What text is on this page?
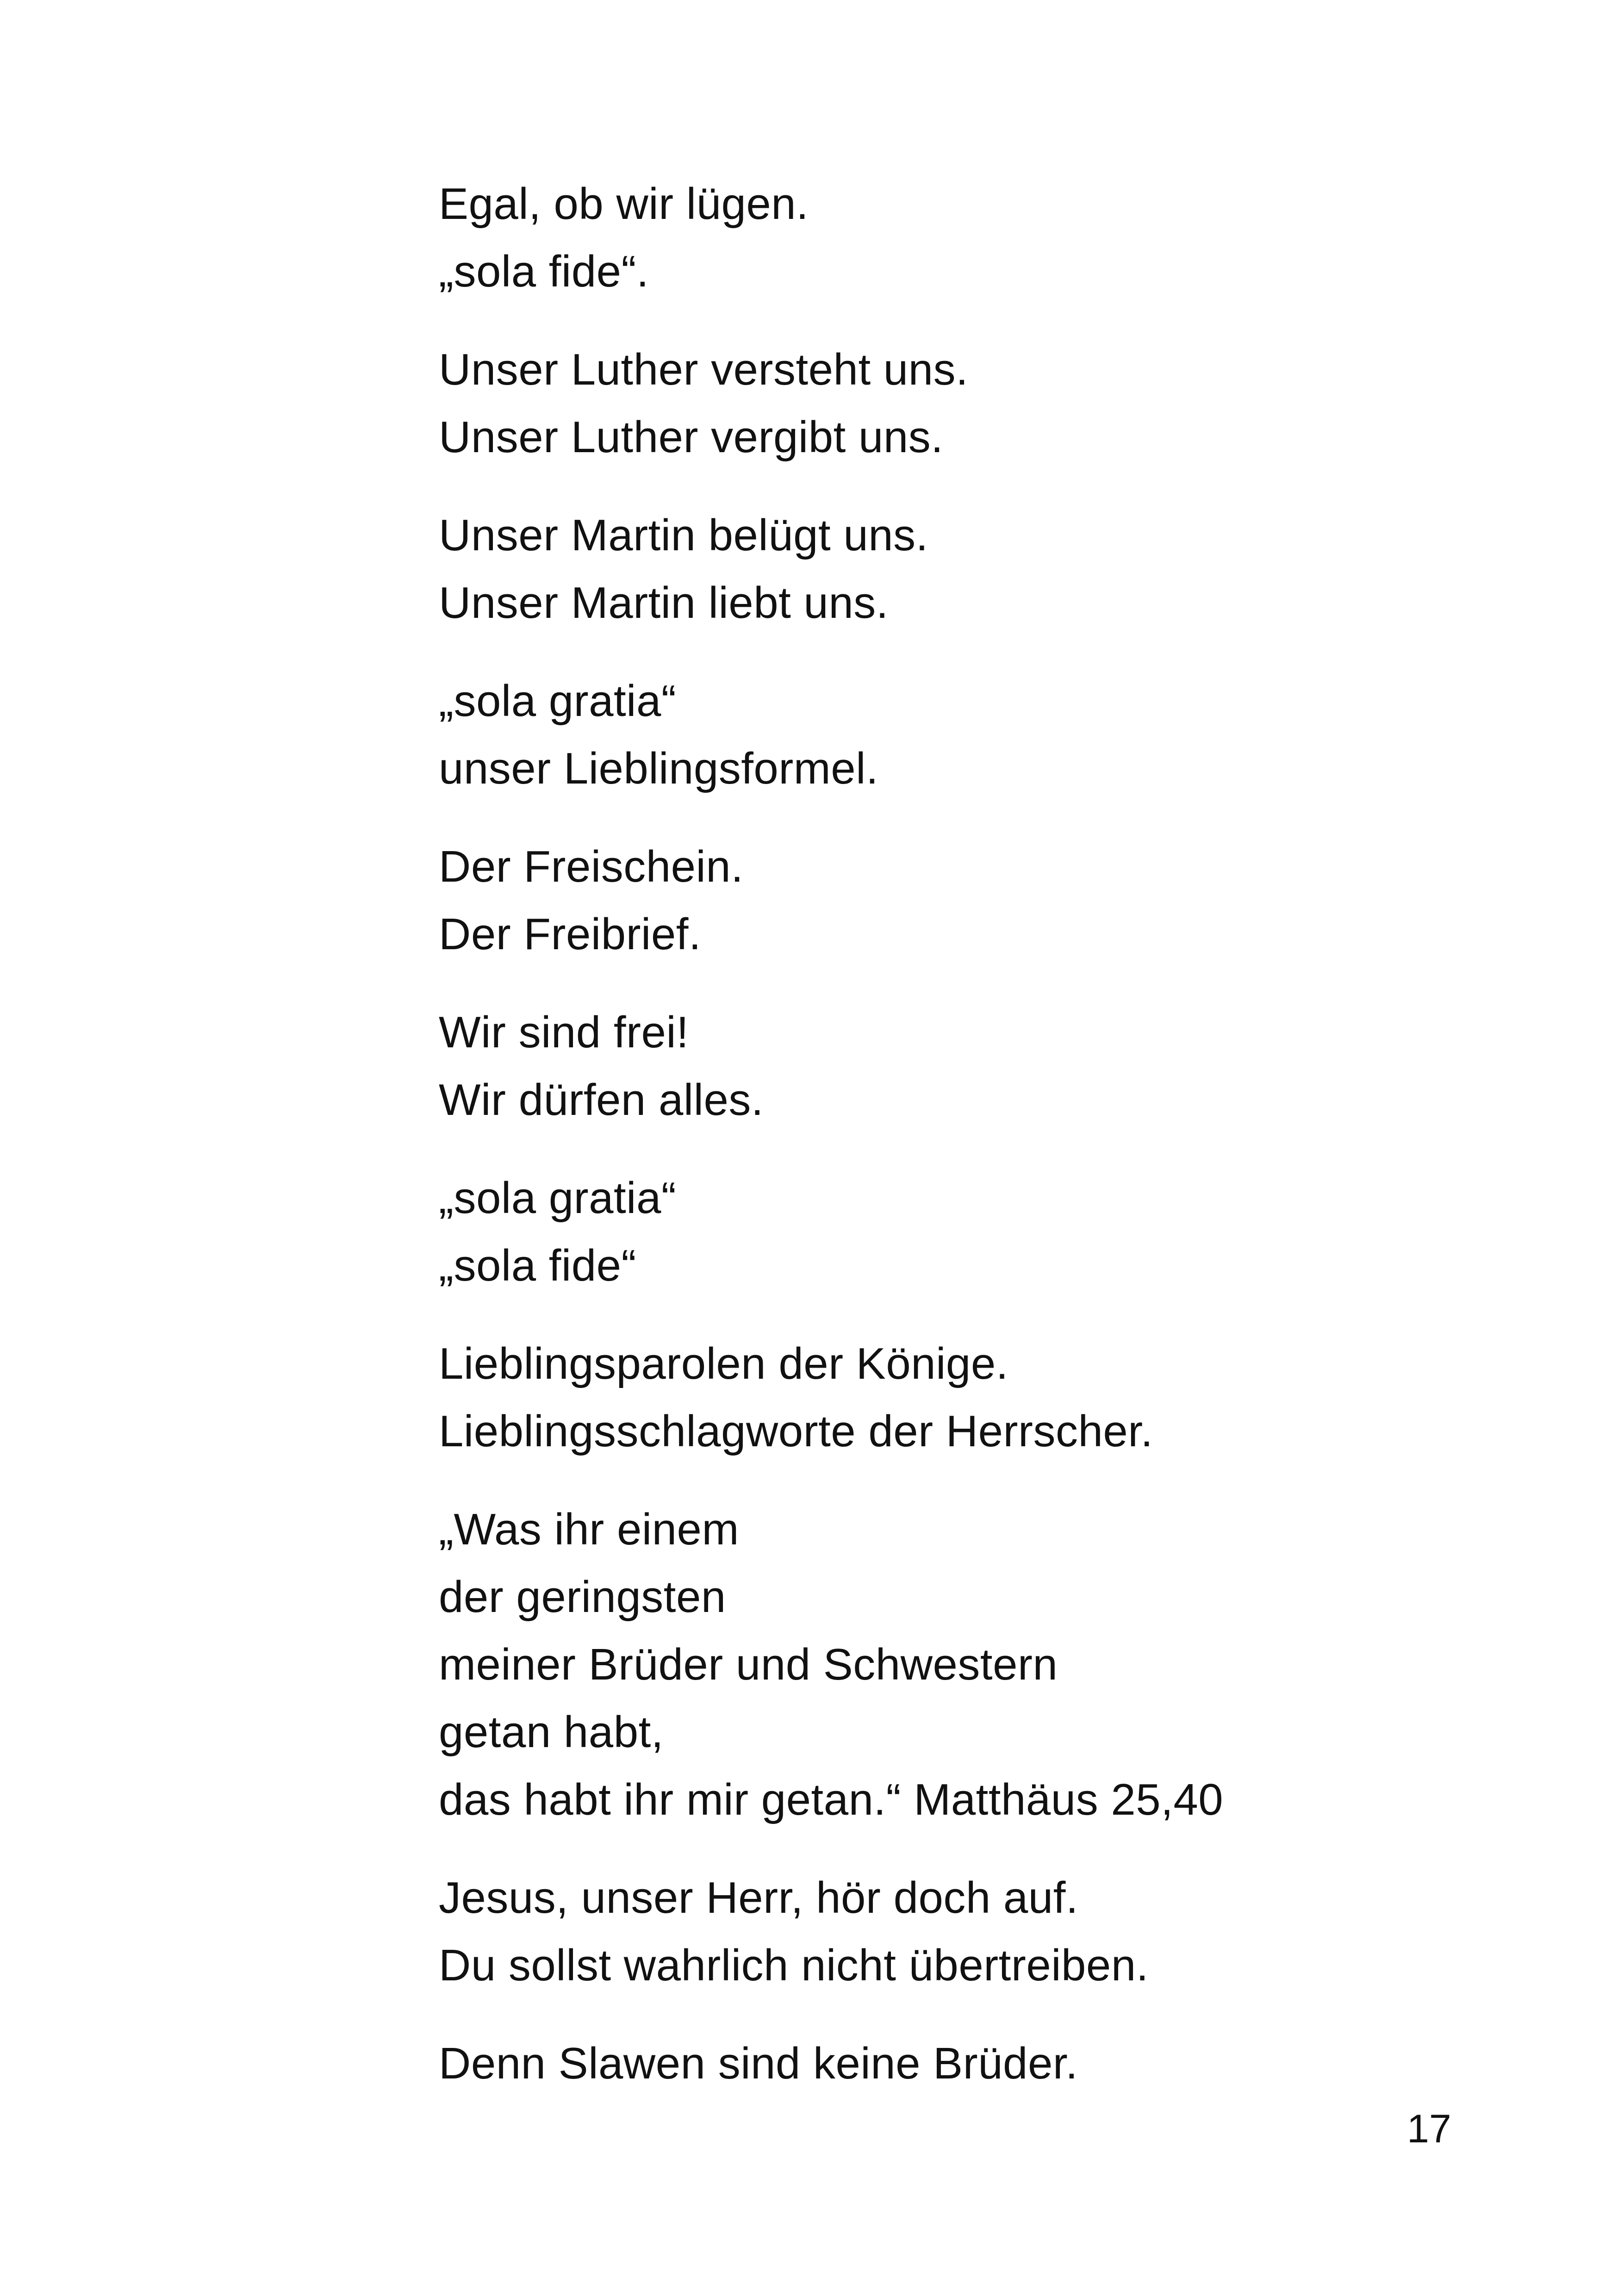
Egal, ob wir lügen.
„sola fide“.
Unser Luther versteht uns.
Unser Luther vergibt uns.
Unser Martin belügt uns.
Unser Martin liebt uns.
„sola gratia“
unser Lieblingsformel.
Der Freischein.
Der Freibrief.
Wir sind frei!
Wir dürfen alles.
„sola gratia“
„sola fide“
Lieblingsparolen der Könige.
Lieblingsschlagworte der Herrscher.
„Was ihr einem
der geringsten
meiner Brüder und Schwestern
getan habt,
das habt ihr mir getan.“ Matthäus 25,40
Jesus, unser Herr, hör doch auf.
Du sollst wahrlich nicht übertreiben.
Denn Slawen sind keine Brüder.
17
